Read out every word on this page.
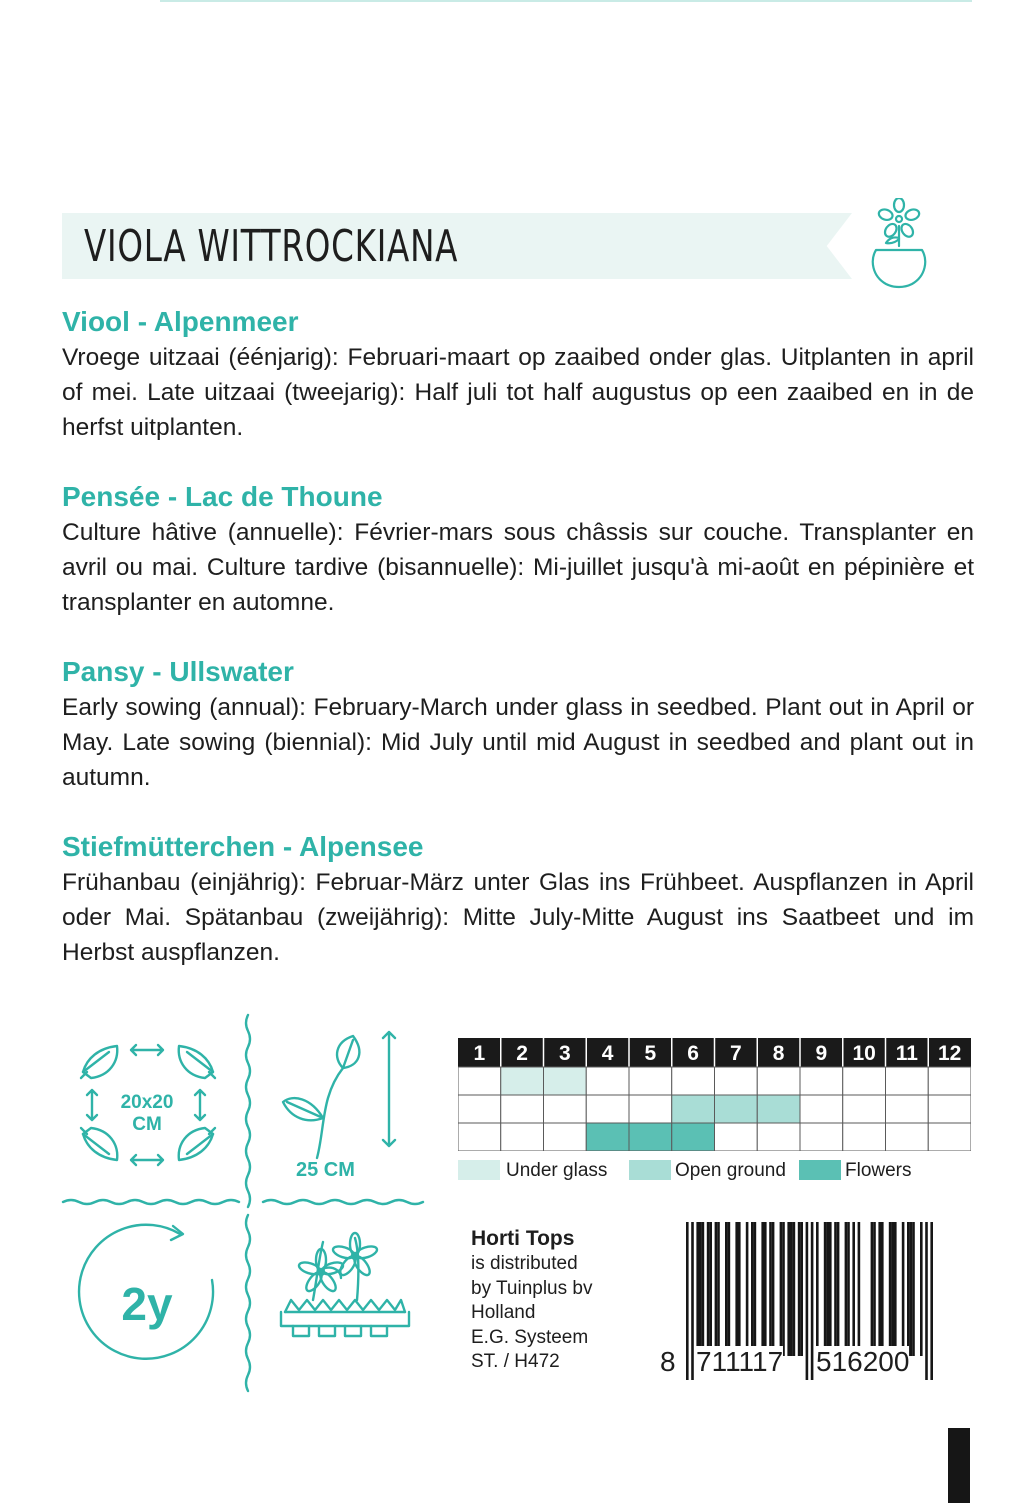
VIOLA WITTROCKIANA
Viool - Alpenmeer

Vroege uitzaai (éénjarig): Februari-maart op zaaibed onder glas. Uitplanten in april of mei. Late uitzaai (tweejarig): Half juli tot half augustus op een zaaibed en in de herfst uitplanten.

Pensée - Lac de Thoune

Culture hâtive (annuelle): Février-mars sous châssis sur couche. Transplanter en avril ou mai. Culture tardive (bisannuelle): Mi-juillet jusqu'à mi-août en pépinière et transplanter en automne.

Pansy - Ullswater

Early sowing (annual): February-March under glass in seedbed. Plant out in April or May. Late sowing (biennial): Mid July until mid August in seedbed and plant out in autumn.

Stiefmütterchen - Alpensee

Frühanbau (einjährig): Februar-März unter Glas ins Frühbeet. Auspflanzen in April oder Mai. Spätanbau (zweijährig): Mitte July-Mitte August ins Saatbeet und im Herbst auspflanzen.

20x20 CM
25 CM
2y
1 2 3 4 5 6 7 8 9 10 11 12
Under glass	Open ground	Flowers
Horti Tops
is distributed
by Tuinplus bv
Holland
E.G. Systeem
ST. / H472	8 711117 516200
